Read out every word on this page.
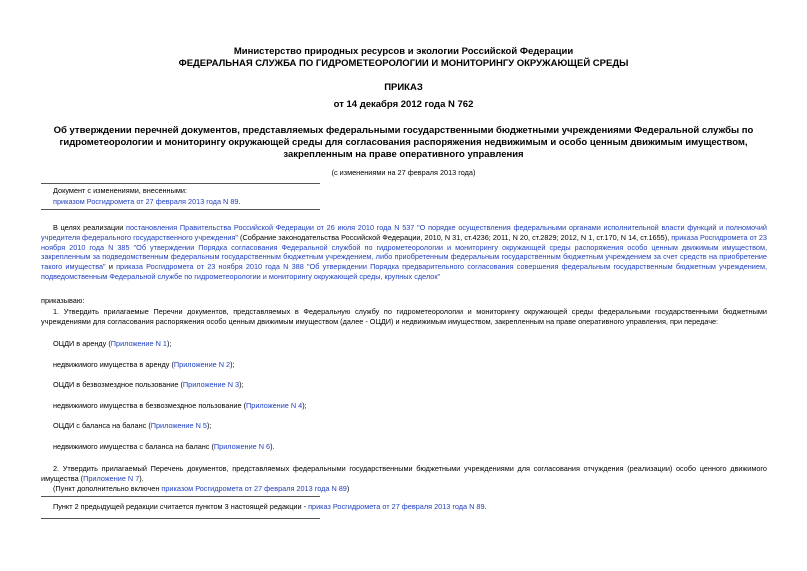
Министерство природных ресурсов и экологии Российской Федерации
ФЕДЕРАЛЬНАЯ СЛУЖБА ПО ГИДРОМЕТЕОРОЛОГИИ И МОНИТОРИНГУ ОКРУЖАЮЩЕЙ СРЕДЫ
ПРИКАЗ
от 14 декабря 2012 года N 762
Об утверждении перечней документов, представляемых федеральными государственными бюджетными учреждениями Федеральной службы по гидрометеорологии и мониторингу окружающей среды для согласования распоряжения недвижимым и особо ценным движимым имуществом, закрепленным на праве оперативного управления
(с изменениями на 27 февраля 2013 года)
Документ с изменениями, внесенными:
приказом Росгидромета от 27 февраля 2013 года N 89.
В целях реализации постановления Правительства Российской Федерации от 26 июля 2010 года N 537 "О порядке осуществления федеральными органами исполнительной власти функций и полномочий учредителя федерального государственного учреждения" (Собрание законодательства Российской Федерации, 2010, N 31, ст.4236; 2011, N 20, ст.2829; 2012, N 1, ст.170, N 14, ст.1655), приказа Росгидромета от 23 ноября 2010 года N 385 "Об утверждении Порядка согласования Федеральной службой по гидрометеорологии и мониторингу окружающей среды распоряжения особо ценным движимым имуществом, закрепленным за подведомственным федеральным государственным бюджетным учреждением, либо приобретенным федеральным государственным бюджетным учреждением за счет средств на приобретение такого имущества" и приказа Росгидромета от 23 ноября 2010 года N 388 "Об утверждении Порядка предварительного согласования совершения федеральным государственным бюджетным учреждением, подведомственным Федеральной службе по гидрометеорологии и мониторингу окружающей среды, крупных сделок"
приказываю:
1. Утвердить прилагаемые Перечни документов, представляемых в Федеральную службу по гидрометеорологии и мониторингу окружающей среды федеральными государственными бюджетными учреждениями для согласования распоряжения особо ценным движимым имуществом (далее - ОЦДИ) и недвижимым имуществом, закрепленным на праве оперативного управления, при передаче:
ОЦДИ в аренду (Приложение N 1);
недвижимого имущества в аренду (Приложение N 2);
ОЦДИ в безвозмездное пользование (Приложение N 3);
недвижимого имущества в безвозмездное пользование (Приложение N 4);
ОЦДИ с баланса на баланс (Приложение N 5);
недвижимого имущества с баланса на баланс (Приложение N 6).
2. Утвердить прилагаемый Перечень документов, представляемых федеральными государственными бюджетными учреждениями для согласования отчуждения (реализации) особо ценного движимого имущества (Приложение N 7).
(Пункт дополнительно включен приказом Росгидромета от 27 февраля 2013 года N 89)
Пункт 2 предыдущей редакции считается пунктом 3 настоящей редакции - приказ Росгидромета от 27 февраля 2013 года N 89.
